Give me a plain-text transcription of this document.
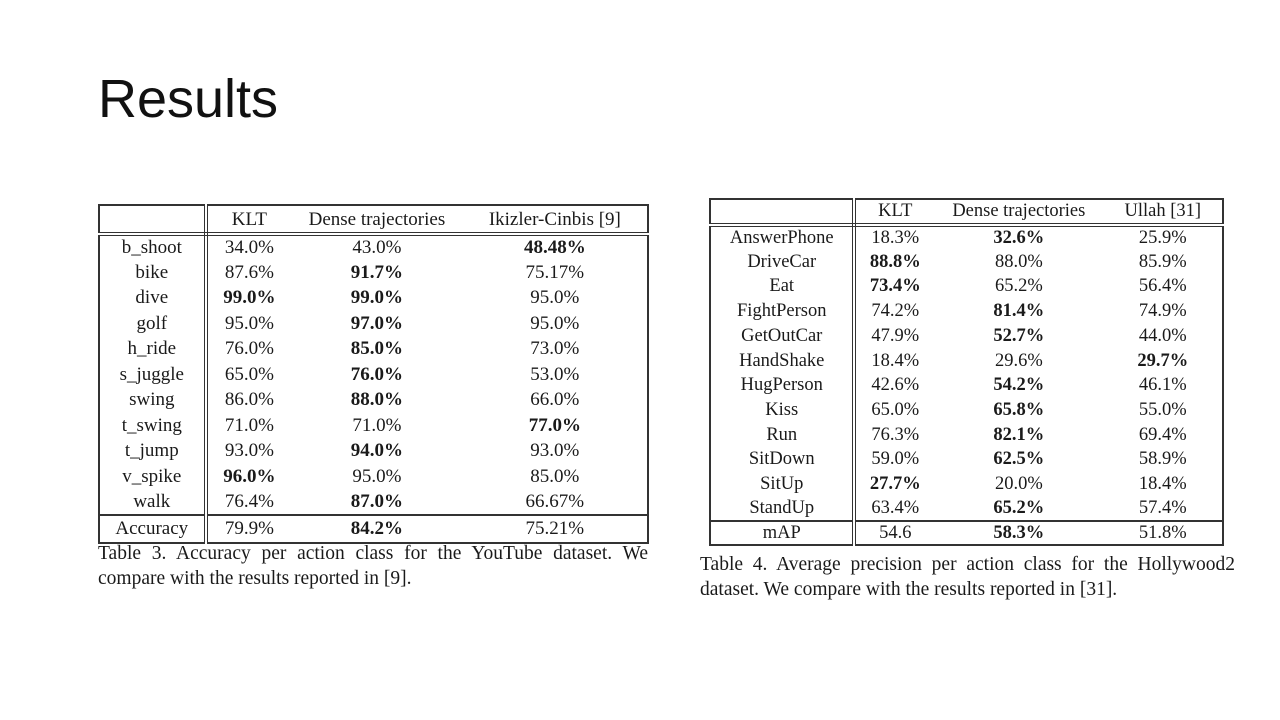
Results
	KLT	Dense trajectories	Ikizler-Cinbis [9]
b_shoot	34.0%	43.0%	48.48%
bike	87.6%	91.7%	75.17%
dive	99.0%	99.0%	95.0%
golf	95.0%	97.0%	95.0%
h_ride	76.0%	85.0%	73.0%
s_juggle	65.0%	76.0%	53.0%
swing	86.0%	88.0%	66.0%
t_swing	71.0%	71.0%	77.0%
t_jump	93.0%	94.0%	93.0%
v_spike	96.0%	95.0%	85.0%
walk	76.4%	87.0%	66.67%
Accuracy	79.9%	84.2%	75.21%
Table 3. Accuracy per action class for the YouTube dataset. We compare with the results reported in [9].
	KLT	Dense trajectories	Ullah [31]
AnswerPhone	18.3%	32.6%	25.9%
DriveCar	88.8%	88.0%	85.9%
Eat	73.4%	65.2%	56.4%
FightPerson	74.2%	81.4%	74.9%
GetOutCar	47.9%	52.7%	44.0%
HandShake	18.4%	29.6%	29.7%
HugPerson	42.6%	54.2%	46.1%
Kiss	65.0%	65.8%	55.0%
Run	76.3%	82.1%	69.4%
SitDown	59.0%	62.5%	58.9%
SitUp	27.7%	20.0%	18.4%
StandUp	63.4%	65.2%	57.4%
mAP	54.6	58.3%	51.8%
Table 4. Average precision per action class for the Hollywood2 dataset. We compare with the results reported in [31].
